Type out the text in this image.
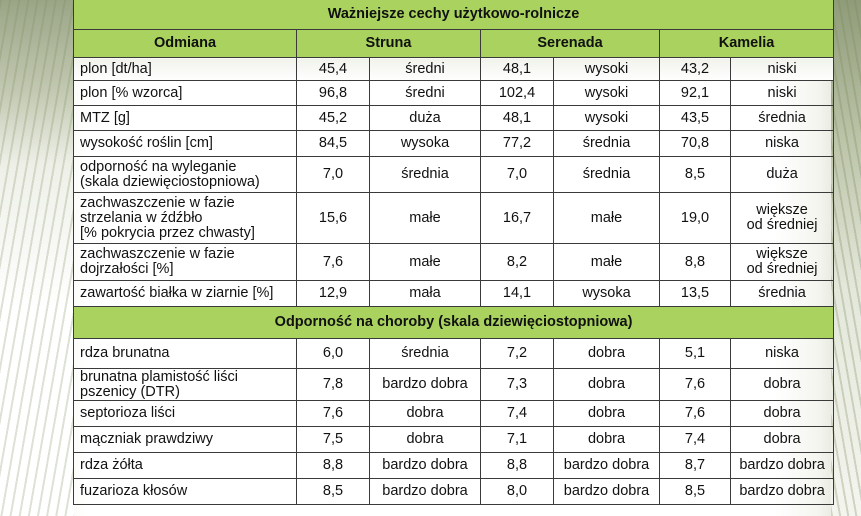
Ważniejsze cechy użytkowo-rolnicze						
Odmiana	Struna		Serenada		Kamelia	
plon [dt/ha]	45,4	średni	48,1	wysoki	43,2	niski
plon [% wzorca]	96,8	średni	102,4	wysoki	92,1	niski
MTZ [g]	45,2	duża	48,1	wysoki	43,5	średnia
wysokość roślin [cm]	84,5	wysoka	77,2	średnia	70,8	niska
odporność na wyleganie
(skala dziewięciostopniowa)	7,0	średnia	7,0	średnia	8,5	duża
zachwaszczenie w fazie
strzelania w źdźbło
[% pokrycia przez chwasty]	15,6	małe	16,7	małe	19,0	większe
od średniej
zachwaszczenie w fazie
dojrzałości [%]	7,6	małe	8,2	małe	8,8	większe
od średniej
zawartość białka w ziarnie [%]	12,9	mała	14,1	wysoka	13,5	średnia
Odporność na choroby (skala dziewięciostopniowa)						
rdza brunatna	6,0	średnia	7,2	dobra	5,1	niska
brunatna plamistość liści
pszenicy (DTR)	7,8	bardzo dobra	7,3	dobra	7,6	dobra
septorioza liści	7,6	dobra	7,4	dobra	7,6	dobra
mączniak prawdziwy	7,5	dobra	7,1	dobra	7,4	dobra
rdza żółta	8,8	bardzo dobra	8,8	bardzo dobra	8,7	bardzo dobra
fuzarioza kłosów	8,5	bardzo dobra	8,0	bardzo dobra	8,5	bardzo dobra
